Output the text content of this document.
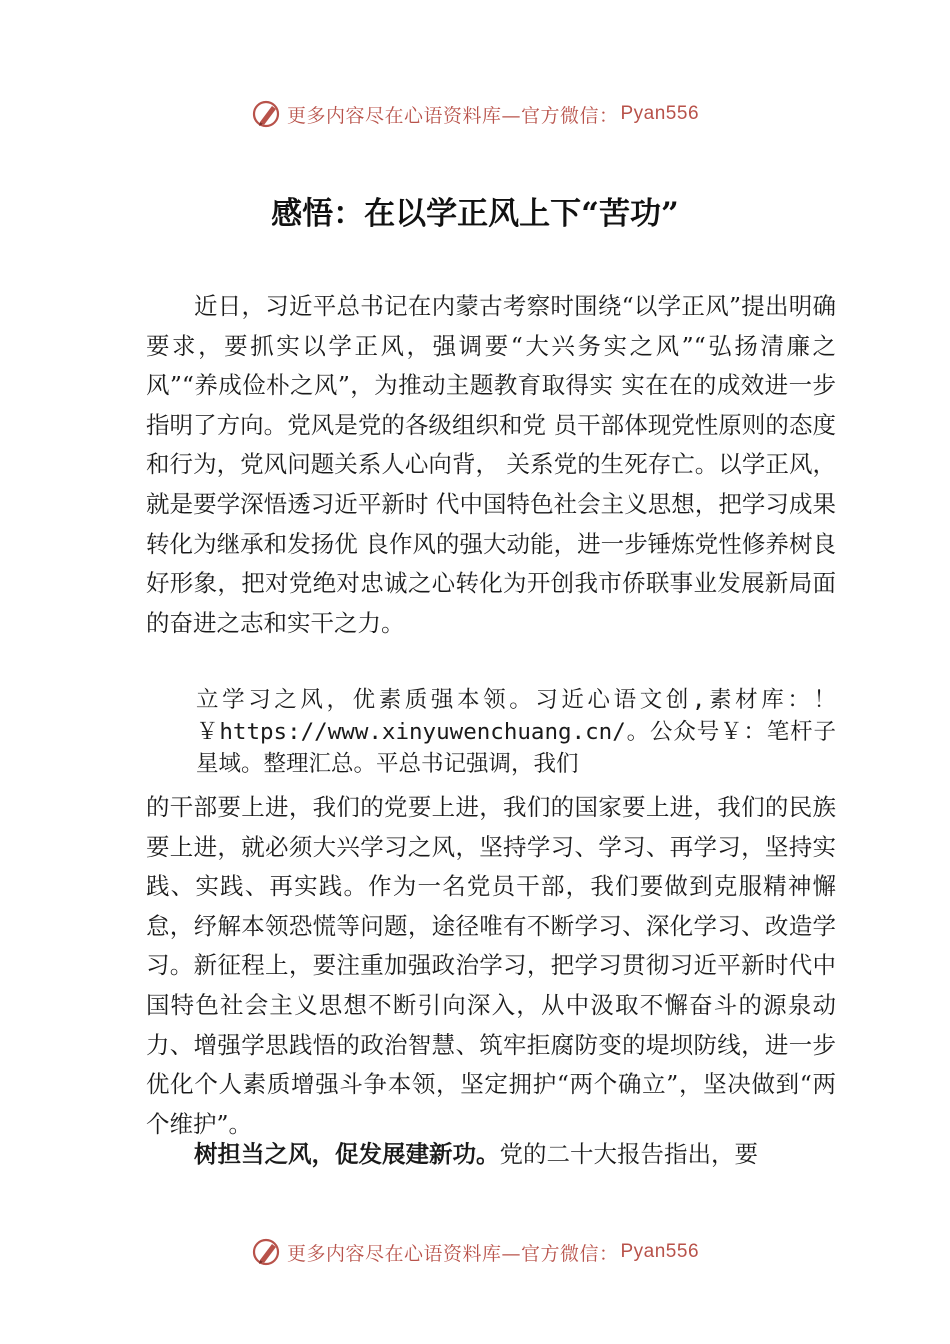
更多内容尽在心语资料库—官方微信： Pyan556
感悟：在以学正风上下“苦功”
近日，习近平总书记在内蒙古考察时围绕“以学正风”提出明确要求，要抓实以学正风，强调要“大兴务实之风”“弘扬清廉之风”“养成俭朴之风”，为推动主题教育取得实 实在在的成效进一步指明了方向。党风是党的各级组织和党 员干部体现党性原则的态度和行为，党风问题关系人心向背， 关系党的生死存亡。以学正风，就是要学深悟透习近平新时 代中国特色社会主义思想，把学习成果转化为继承和发扬优 良作风的强大动能，进一步锤炼党性修养树良好形象，把对党绝对忠诚之心转化为开创我市侨联事业发展新局面的奋进之志和实干之力。
立学习之风，优素质强本领。习近心语文创,素材库：！￥https://www.xinyuwenchuang.cn/。公众号￥：笔杆子星域。整理汇总。平总书记强调，我们
的干部要上进，我们的党要上进，我们的国家要上进，我们的民族要上进，就必须大兴学习之风，坚持学习、学习、再学习，坚持实践、实践、再实践。作为一名党员干部，我们要做到克服精神懈怠，纾解本领恐慌等问题，途径唯有不断学习、深化学习、改造学习。新征程上，要注重加强政治学习，把学习贯彻习近平新时代中国特色社会主义思想不断引向深入，从中汲取不懈奋斗的源泉动力、增强学思践悟的政治智慧、筑牢拒腐防变的堤坝防线，进一步优化个人素质增强斗争本领，坚定拥护“两个确立”，坚决做到“两个维护”。
树担当之风，促发展建新功。党的二十大报告指出，要
更多内容尽在心语资料库—官方微信： Pyan556
